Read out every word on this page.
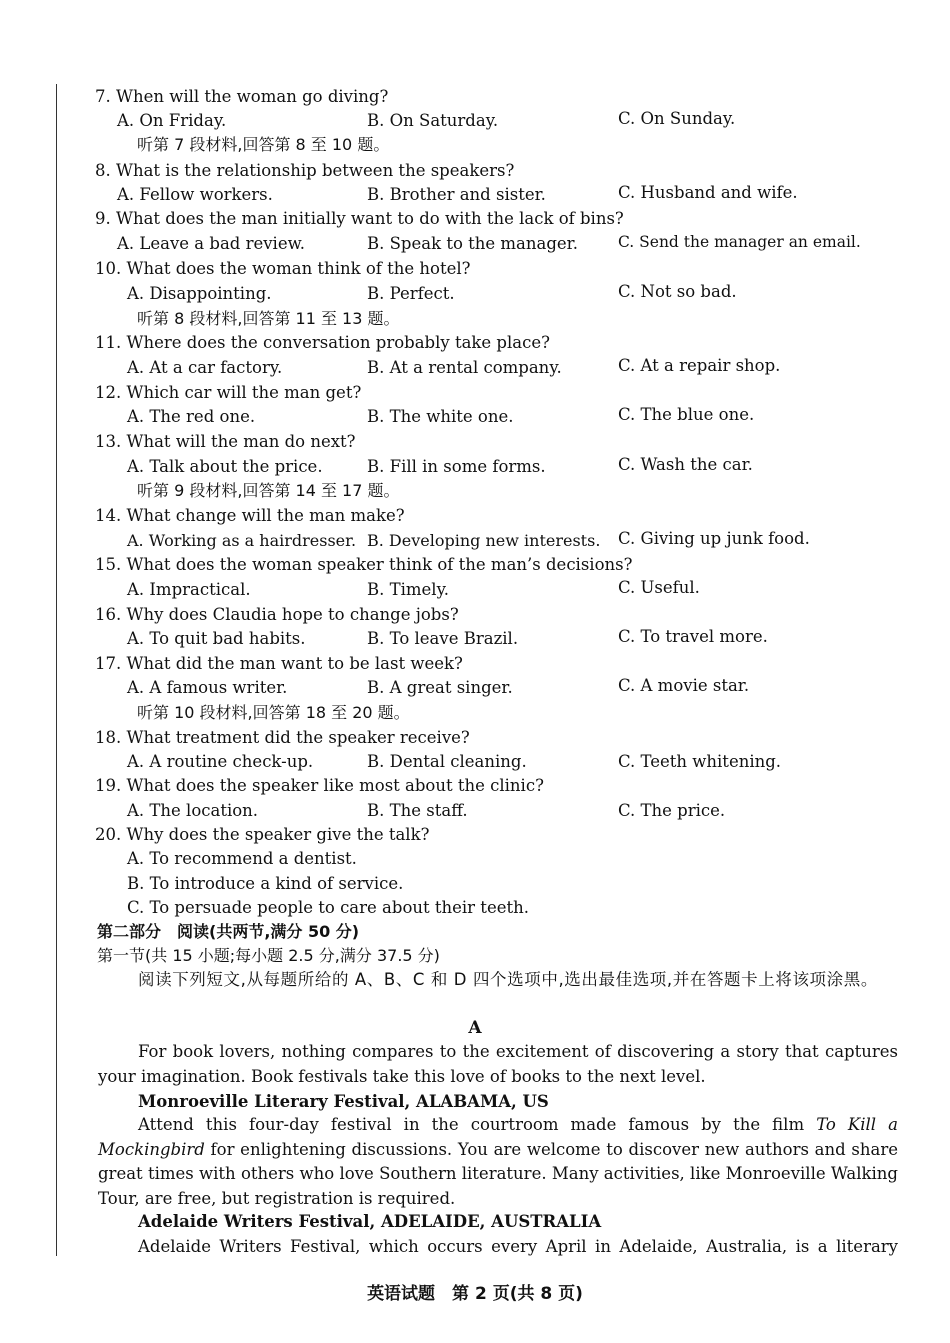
7. When will the woman go diving?
A. On Friday.	B. On Saturday.	C. On Sunday.
听第 7 段材料,回答第 8 至 10 题。
8. What is the relationship between the speakers?
A. Fellow workers.	B. Brother and sister.	C. Husband and wife.
9. What does the man initially want to do with the lack of bins?
A. Leave a bad review.	B. Speak to the manager.	C. Send the manager an email.
10. What does the woman think of the hotel?
A. Disappointing.	B. Perfect.	C. Not so bad.
听第 8 段材料,回答第 11 至 13 题。
11. Where does the conversation probably take place?
A. At a car factory.	B. At a rental company.	C. At a repair shop.
12. Which car will the man get?
A. The red one.	B. The white one.	C. The blue one.
13. What will the man do next?
A. Talk about the price.	B. Fill in some forms.	C. Wash the car.
听第 9 段材料,回答第 14 至 17 题。
14. What change will the man make?
A. Working as a hairdresser. B. Developing new interests. C. Giving up junk food.
15. What does the woman speaker think of the man’s decisions?
A. Impractical.	B. Timely.	C. Useful.
16. Why does Claudia hope to change jobs?
A. To quit bad habits.	B. To leave Brazil.	C. To travel more.
17. What did the man want to be last week?
A. A famous writer.	B. A great singer.	C. A movie star.
听第 10 段材料,回答第 18 至 20 题。
18. What treatment did the speaker receive?
A. A routine check-up.	B. Dental cleaning.	C. Teeth whitening.
19. What does the speaker like most about the clinic?
A. The location.	B. The staff.	C. The price.
20. Why does the speaker give the talk?
A. To recommend a dentist.
B. To introduce a kind of service.
C. To persuade people to care about their teeth.
第二部分　阅读(共两节,满分 50 分)
第一节(共 15 小题;每小题 2.5 分,满分 37.5 分)
阅读下列短文,从每题所给的 A、B、C 和 D 四个选项中,选出最佳选项,并在答题卡上将该项涂黑。
A
For book lovers, nothing compares to the excitement of discovering a story that captures your imagination. Book festivals take this love of books to the next level.
Monroeville Literary Festival, ALABAMA, US
Attend this four-day festival in the courtroom made famous by the film To Kill a Mockingbird for enlightening discussions. You are welcome to discover new authors and share great times with others who love Southern literature. Many activities, like Monroeville Walking Tour, are free, but registration is required.
Adelaide Writers Festival, ADELAIDE, AUSTRALIA
Adelaide Writers Festival, which occurs every April in Adelaide, Australia, is a literary
英语试题　第 2 页(共 8 页)
